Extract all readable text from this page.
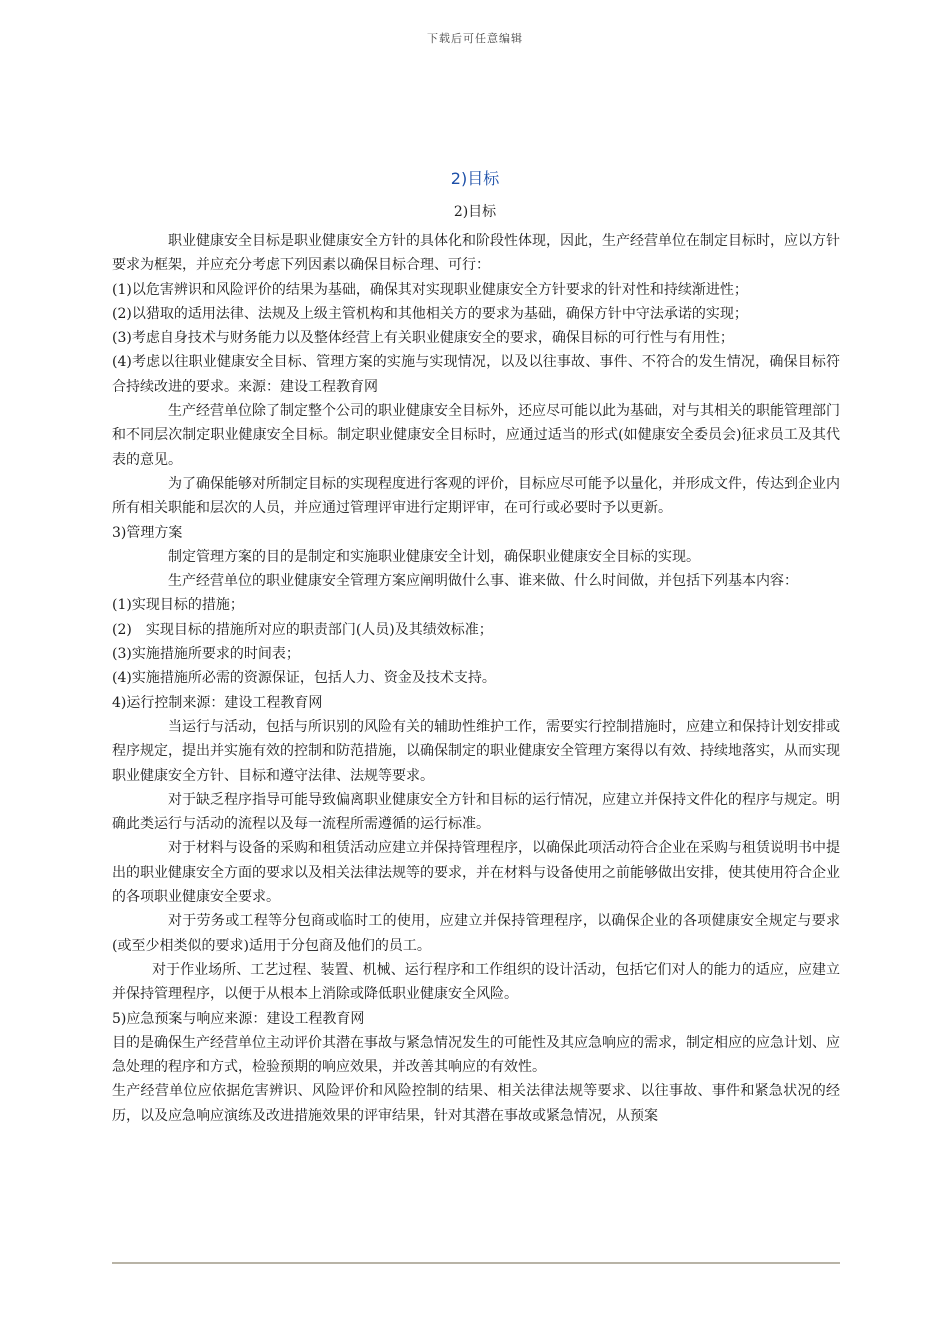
下载后可任意编辑
2)目标
2)目标

职业健康安全目标是职业健康安全方针的具体化和阶段性体现，因此，生产经营单位在制定目标时，应以方针要求为框架，并应充分考虑下列因素以确保目标合理、可行：

(1)以危害辨识和风险评价的结果为基础，确保其对实现职业健康安全方针要求的针对性和持续渐进性；

(2)以猎取的适用法律、法规及上级主管机构和其他相关方的要求为基础，确保方针中守法承诺的实现；

(3)考虑自身技术与财务能力以及整体经营上有关职业健康安全的要求，确保目标的可行性与有用性；

(4)考虑以往职业健康安全目标、管理方案的实施与实现情况，以及以往事故、事件、不符合的发生情况，确保目标符合持续改进的要求。来源：建设工程教育网

生产经营单位除了制定整个公司的职业健康安全目标外，还应尽可能以此为基础，对与其相关的职能管理部门和不同层次制定职业健康安全目标。制定职业健康安全目标时，应通过适当的形式(如健康安全委员会)征求员工及其代表的意见。

为了确保能够对所制定目标的实现程度进行客观的评价，目标应尽可能予以量化，并形成文件，传达到企业内所有相关职能和层次的人员，并应通过管理评审进行定期评审，在可行或必要时予以更新。

3)管理方案

制定管理方案的目的是制定和实施职业健康安全计划，确保职业健康安全目标的实现。

生产经营单位的职业健康安全管理方案应阐明做什么事、谁来做、什么时间做，并包括下列基本内容：

(1)实现目标的措施；

(2)　实现目标的措施所对应的职责部门(人员)及其绩效标准；

(3)实施措施所要求的时间表；

(4)实施措施所必需的资源保证，包括人力、资金及技术支持。

4)运行控制来源：建设工程教育网

当运行与活动，包括与所识别的风险有关的辅助性维护工作，需要实行控制措施时，应建立和保持计划安排或程序规定，提出并实施有效的控制和防范措施，以确保制定的职业健康安全管理方案得以有效、持续地落实，从而实现职业健康安全方针、目标和遵守法律、法规等要求。

对于缺乏程序指导可能导致偏离职业健康安全方针和目标的运行情况，应建立并保持文件化的程序与规定。明确此类运行与活动的流程以及每一流程所需遵循的运行标准。

对于材料与设备的采购和租赁活动应建立并保持管理程序，以确保此项活动符合企业在采购与租赁说明书中提出的职业健康安全方面的要求以及相关法律法规等的要求，并在材料与设备使用之前能够做出安排，使其使用符合企业的各项职业健康安全要求。

对于劳务或工程等分包商或临时工的使用，应建立并保持管理程序，以确保企业的各项健康安全规定与要求(或至少相类似的要求)适用于分包商及他们的员工。

对于作业场所、工艺过程、装置、机械、运行程序和工作组织的设计活动，包括它们对人的能力的适应，应建立并保持管理程序，以便于从根本上消除或降低职业健康安全风险。

5)应急预案与响应来源：建设工程教育网

目的是确保生产经营单位主动评价其潜在事故与紧急情况发生的可能性及其应急响应的需求，制定相应的应急计划、应急处理的程序和方式，检验预期的响应效果，并改善其响应的有效性。

生产经营单位应依据危害辨识、风险评价和风险控制的结果、相关法律法规等要求、以往事故、事件和紧急状况的经历，以及应急响应演练及改进措施效果的评审结果，针对其潜在事故或紧急情况，从预案
